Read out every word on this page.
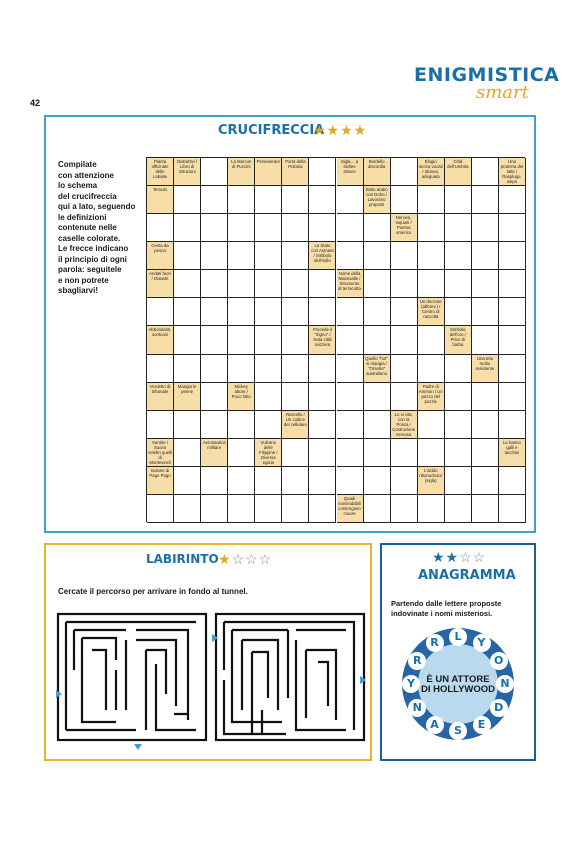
ENIGMISTICA
smart
42
CRUCIFRECCIA
★★★★
Compilate
con attenzione
lo schema
del crucifreccia
qui a lato, seguendo
le definizioni
contenute nelle
caselle colorate.
Le frecce indicano
il principio di ogni
parola: seguitele
e non potrete
sbagliarvi!
Pianta officinale delle Labiate
Distruttivi / Libro di istruzioni
La Marcon di Puccini
Perseverare	Porta della Polonia
Sigla… a stellee strisce
Bordello discordia
Elogio senza vocali / Idonea, adeguata
Città dell'Umbria
Una proteina del latte / Rasplugo, siepe
Temuto	Stato arabo con Doha / Lavorano proposti
Nervosi, inquieti / Poema omerico
Cesta da pesca
La Stato con Asmara / Simbolo dell'iridio
Andati fuori / Disastri
Nome della Mairevalle / Strumento di terracotta
Un docente (abbrev.) / Centro di raccolta
Abbondanti, sontuosi
Precede il "Signo" / Nota città svizzera
Simbolo dell'oro / Privo di barba
Quello "hot" si mangia / "Orsetto" australiano
Una tela molto resistente
Verdetto di tribunale
Mangia le penne
Mickey attore / Poco folto
Padre di Ammon / Un pezzo del puzzle
Ruscello / Un codice del cellulare
Lo si cita, con la Posca / Costruzione nervosa
Sentire / Suono celebri quelli di Monteverdi
Aeronautica militare
Vulcano delle Filippine / Diversa egizia
Le hanno galli e tacchini
Isolone di Pago Pago
L'acido ribonucleico (sigla)
Quadi mossodabili contengono cruore
LABIRINTO ★☆☆☆
Cercate il percorso per arrivare in fondo al tunnel.
★★☆☆
ANAGRAMMA
Partendo dalle lettere proposte indovinate i nomi misteriosi.
È UN ATTORE
DI HOLLYWOOD
L	Y
O
N
D
E
S
A
N
Y
R
R
